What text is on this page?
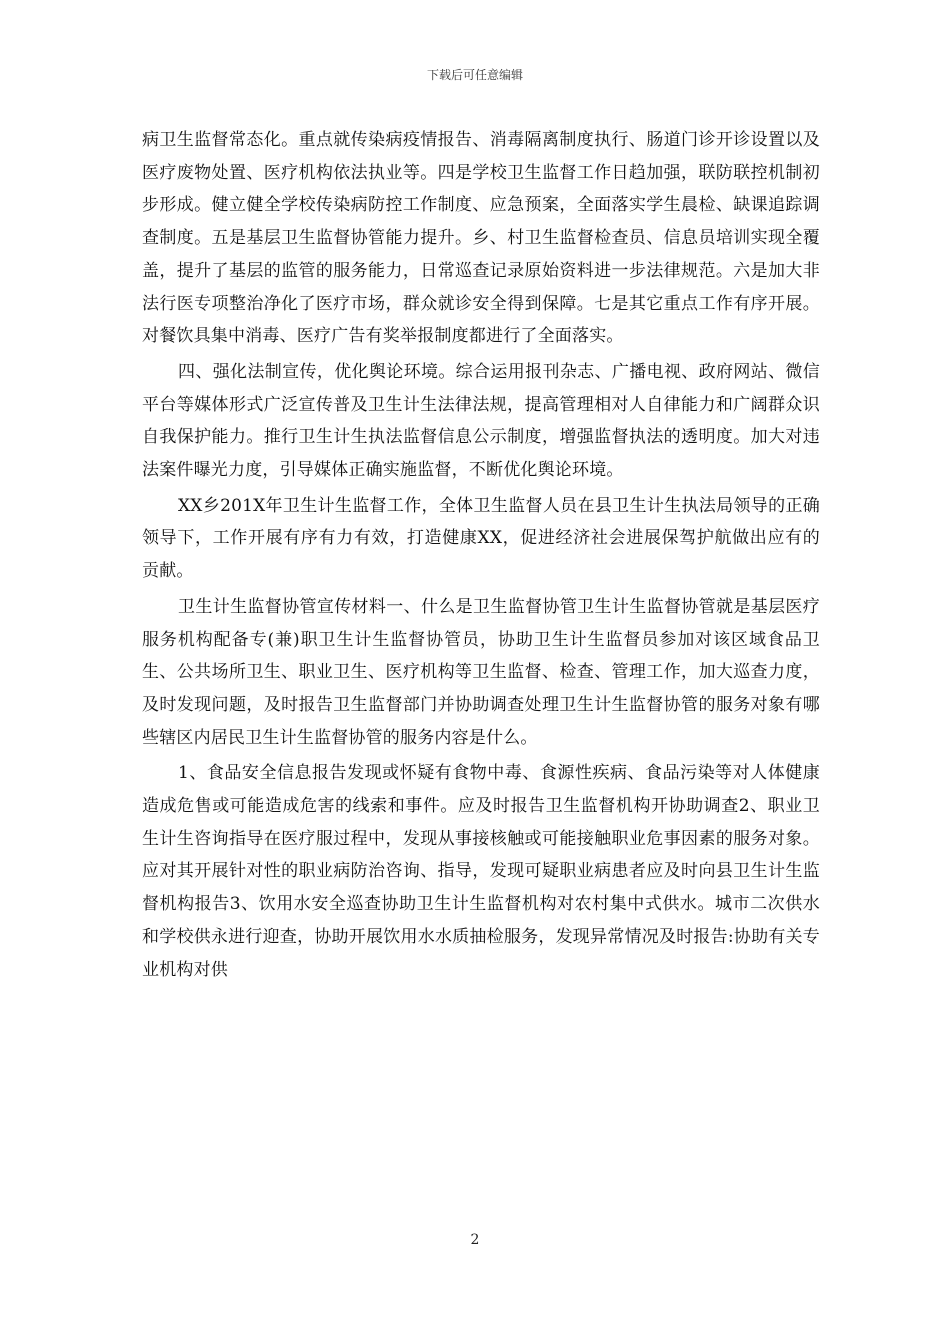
下载后可任意编辑

病卫生监督常态化。重点就传染病疫情报告、消毒隔离制度执行、肠道门诊开诊设置以及医疗废物处置、医疗机构依法执业等。四是学校卫生监督工作日趋加强，联防联控机制初步形成。健立健全学校传染病防控工作制度、应急预案，全面落实学生晨检、缺课追踪调查制度。五是基层卫生监督协管能力提升。乡、村卫生监督检查员、信息员培训实现全覆盖，提升了基层的监管的服务能力，日常巡查记录原始资料进一步法律规范。六是加大非法行医专项整治净化了医疗市场，群众就诊安全得到保障。七是其它重点工作有序开展。对餐饮具集中消毒、医疗广告有奖举报制度都进行了全面落实。

四、强化法制宣传，优化舆论环境。综合运用报刊杂志、广播电视、政府网站、微信平台等媒体形式广泛宣传普及卫生计生法律法规，提高管理相对人自律能力和广阔群众识自我保护能力。推行卫生计生执法监督信息公示制度，增强监督执法的透明度。加大对违法案件曝光力度，引导媒体正确实施监督，不断优化舆论环境。

XX乡201X年卫生计生监督工作，全体卫生监督人员在县卫生计生执法局领导的正确领导下，工作开展有序有力有效，打造健康XX，促进经济社会进展保驾护航做出应有的贡献。

卫生计生监督协管宣传材料一、什么是卫生监督协管卫生计生监督协管就是基层医疗服务机构配备专(兼)职卫生计生监督协管员，协助卫生计生监督员参加对该区域食品卫生、公共场所卫生、职业卫生、医疗机构等卫生监督、检查、管理工作，加大巡查力度，及时发现问题，及时报告卫生监督部门并协助调查处理卫生计生监督协管的服务对象有哪些辖区内居民卫生计生监督协管的服务内容是什么。

1、食品安全信息报告发现或怀疑有食物中毒、食源性疾病、食品污染等对人体健康造成危售或可能造成危害的线索和事件。应及时报告卫生监督机构开协助调查2、职业卫生计生咨询指导在医疗服过程中，发现从事接核触或可能接触职业危事因素的服务对象。应对其开展针对性的职业病防治咨询、指导，发现可疑职业病患者应及时向县卫生计生监督机构报告3、饮用水安全巡查协助卫生计生监督机构对农村集中式供水。城市二次供水和学校供永进行迎查，协助开展饮用水水质抽检服务，发现异常情况及时报告:协助有关专业机构对供

2
